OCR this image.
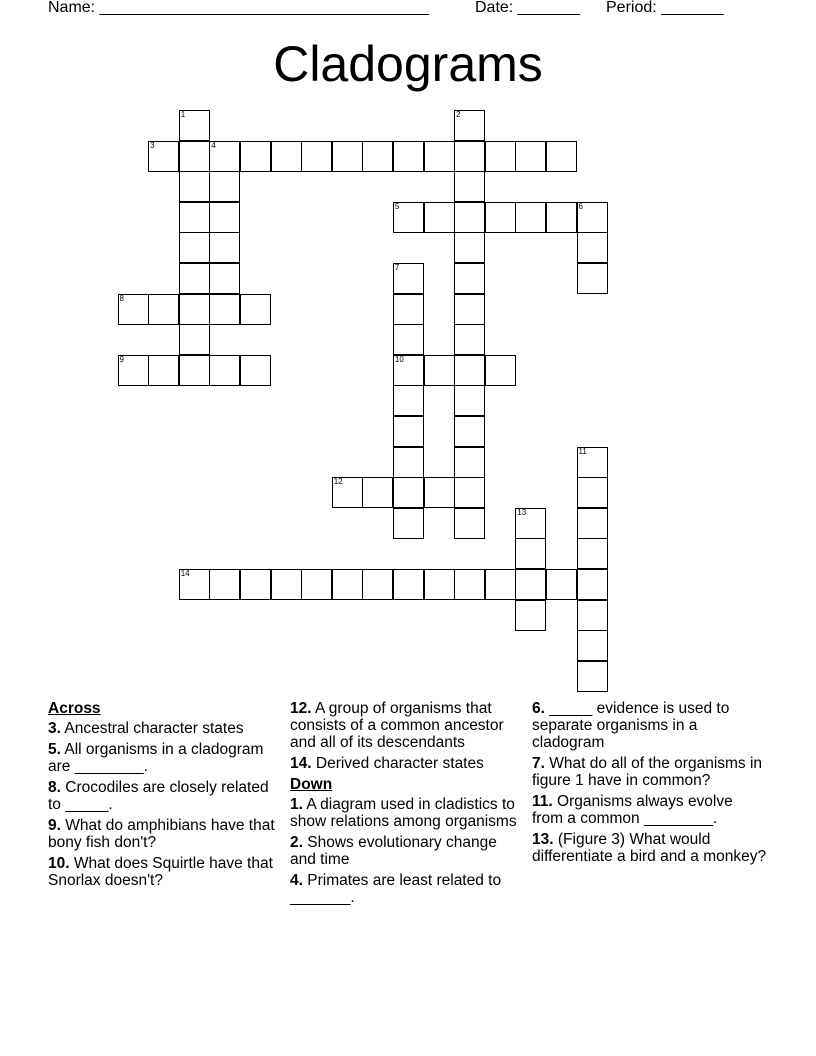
Name: _____________________________________	Date: _______ Period: _______
Cladograms
1	2
3	4
5	6
7
10
8
9
11
12
13
14
Across
3. Ancestral character states
5. All organisms in a cladogram are ________.
8. Crocodiles are closely related to _____.
9. What do amphibians have that bony fish don't?
10. What does Squirtle have that Snorlax doesn't?
12. A group of organisms that consists of a common ancestor and all of its descendants
14. Derived character states
Down
1. A diagram used in cladistics to show relations among organisms
2. Shows evolutionary change and time
4. Primates are least related to _______.
6. _____ evidence is used to separate organisms in a cladogram
7. What do all of the organisms in figure 1 have in common?
11. Organisms always evolve from a common ________.
13. (Figure 3) What would differentiate a bird and a monkey?
